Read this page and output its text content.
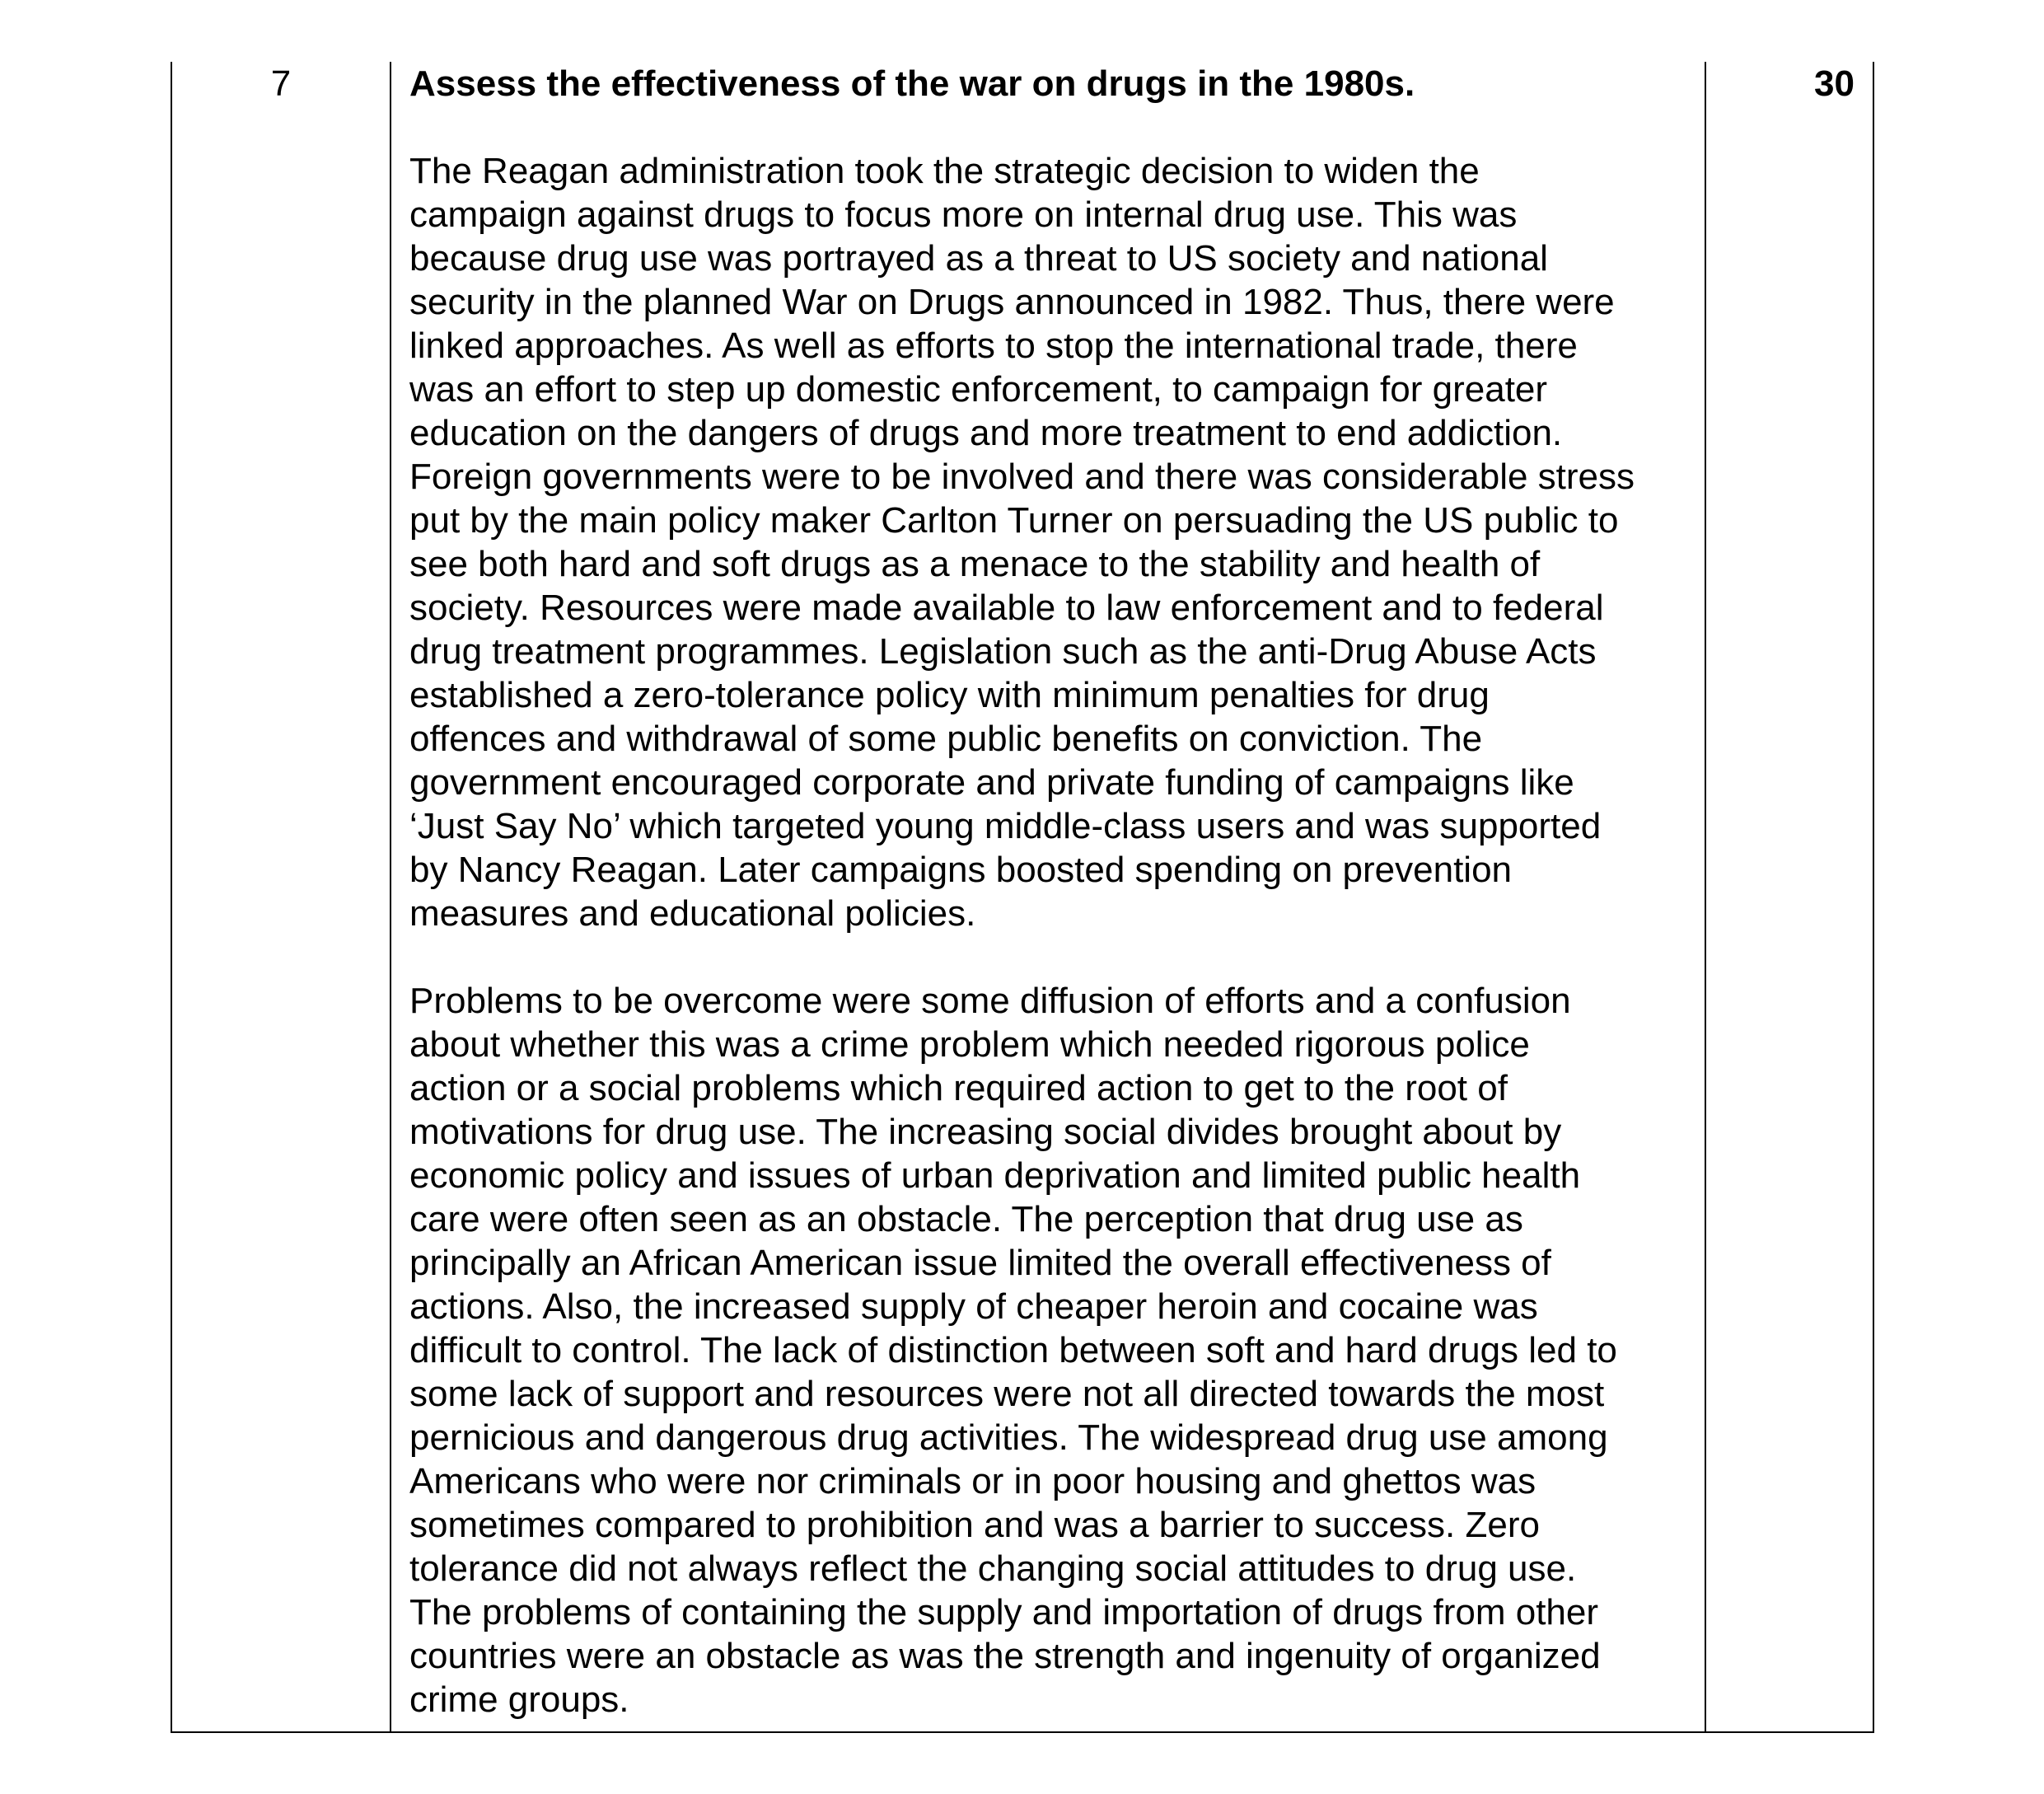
7	Assess the effectiveness of the war on drugs in the 1980s.
The Reagan administration took the strategic decision to widen the
campaign against drugs to focus more on internal drug use. This was
because drug use was portrayed as a threat to US society and national
security in the planned War on Drugs announced in 1982. Thus, there were
linked approaches. As well as efforts to stop the international trade, there
was an effort to step up domestic enforcement, to campaign for greater
education on the dangers of drugs and more treatment to end addiction.
Foreign governments were to be involved and there was considerable stress
put by the main policy maker Carlton Turner on persuading the US public to
see both hard and soft drugs as a menace to the stability and health of
society. Resources were made available to law enforcement and to federal
drug treatment programmes. Legislation such as the anti-Drug Abuse Acts
established a zero-tolerance policy with minimum penalties for drug
offences and withdrawal of some public benefits on conviction. The
government encouraged corporate and private funding of campaigns like
‘Just Say No’ which targeted young middle-class users and was supported
by Nancy Reagan. Later campaigns boosted spending on prevention
measures and educational policies.
Problems to be overcome were some diffusion of efforts and a confusion
about whether this was a crime problem which needed rigorous police
action or a social problems which required action to get to the root of
motivations for drug use. The increasing social divides brought about by
economic policy and issues of urban deprivation and limited public health
care were often seen as an obstacle. The perception that drug use as
principally an African American issue limited the overall effectiveness of
actions. Also, the increased supply of cheaper heroin and cocaine was
difficult to control. The lack of distinction between soft and hard drugs led to
some lack of support and resources were not all directed towards the most
pernicious and dangerous drug activities. The widespread drug use among
Americans who were nor criminals or in poor housing and ghettos was
sometimes compared to prohibition and was a barrier to success. Zero
tolerance did not always reflect the changing social attitudes to drug use.
The problems of containing the supply and importation of drugs from other
countries were an obstacle as was the strength and ingenuity of organized
crime groups.
30
